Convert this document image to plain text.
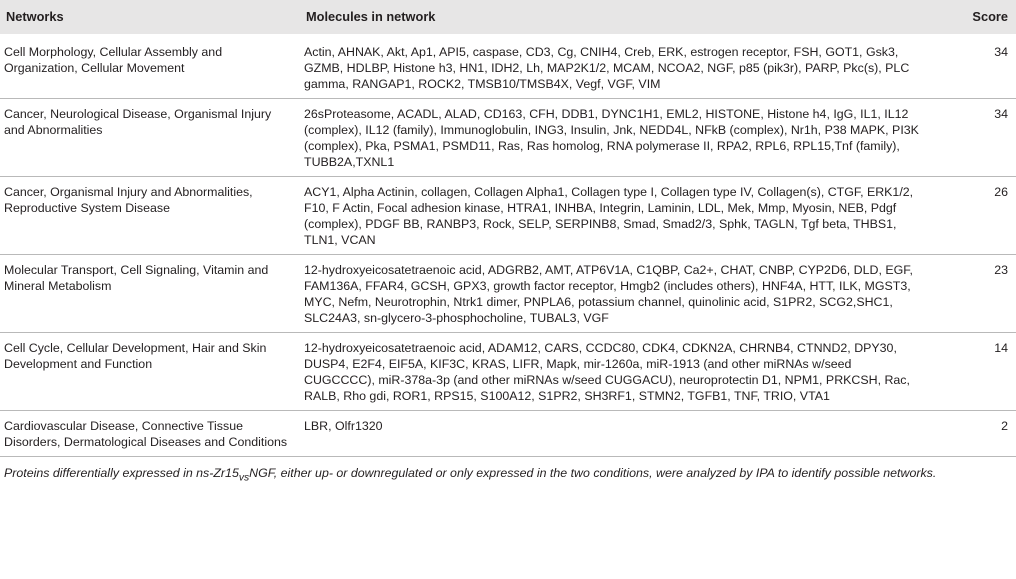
Networks	Molecules in network	Score
Cell Morphology, Cellular Assembly and Organization, Cellular Movement	Actin, AHNAK, Akt, Ap1, API5, caspase, CD3, Cg, CNIH4, Creb, ERK, estrogen receptor, FSH, GOT1, Gsk3, GZMB, HDLBP, Histone h3, HN1, IDH2, Lh, MAP2K1/2, MCAM, NCOA2, NGF, p85 (pik3r), PARP, Pkc(s), PLC gamma, RANGAP1, ROCK2, TMSB10/TMSB4X, Vegf, VGF, VIM	34
Cancer, Neurological Disease, Organismal Injury and Abnormalities	26sProteasome, ACADL, ALAD, CD163, CFH, DDB1, DYNC1H1, EML2, HISTONE, Histone h4, IgG, IL1, IL12 (complex), IL12 (family), Immunoglobulin, ING3, Insulin, Jnk, NEDD4L, NFkB (complex), Nr1h, P38 MAPK, PI3K (complex), Pka, PSMA1, PSMD11, Ras, Ras homolog, RNA polymerase II, RPA2, RPL6, RPL15,Tnf (family), TUBB2A,TXNL1	34
Cancer, Organismal Injury and Abnormalities, Reproductive System Disease	ACY1, Alpha Actinin, collagen, Collagen Alpha1, Collagen type I, Collagen type IV, Collagen(s), CTGF, ERK1/2, F10, F Actin, Focal adhesion kinase, HTRA1, INHBA, Integrin, Laminin, LDL, Mek, Mmp, Myosin, NEB, Pdgf (complex), PDGF BB, RANBP3, Rock, SELP, SERPINB8, Smad, Smad2/3, Sphk, TAGLN, Tgf beta, THBS1, TLN1, VCAN	26
Molecular Transport, Cell Signaling, Vitamin and Mineral Metabolism	12-hydroxyeicosatetraenoic acid, ADGRB2, AMT, ATP6V1A, C1QBP, Ca2+, CHAT, CNBP, CYP2D6, DLD, EGF, FAM136A, FFAR4, GCSH, GPX3, growth factor receptor, Hmgb2 (includes others), HNF4A, HTT, ILK, MGST3, MYC, Nefm, Neurotrophin, Ntrk1 dimer, PNPLA6, potassium channel, quinolinic acid, S1PR2, SCG2,SHC1, SLC24A3, sn-glycero-3-phosphocholine, TUBAL3, VGF	23
Cell Cycle, Cellular Development, Hair and Skin Development and Function	12-hydroxyeicosatetraenoic acid, ADAM12, CARS, CCDC80, CDK4, CDKN2A, CHRNB4, CTNND2, DPY30, DUSP4, E2F4, EIF5A, KIF3C, KRAS, LIFR, Mapk, mir-1260a, miR-1913 (and other miRNAs w/seed CUGCCCC), miR-378a-3p (and other miRNAs w/seed CUGGACU), neuroprotectin D1, NPM1, PRKCSH, Rac, RALB, Rho gdi, ROR1, RPS15, S100A12, S1PR2, SH3RF1, STMN2, TGFB1, TNF, TRIO, VTA1	14
Cardiovascular Disease, Connective Tissue Disorders, Dermatological Diseases and Conditions	LBR, Olfr1320	2
Proteins differentially expressed in $ns-Zr15_{vs}NGF$, either up- or downregulated or only expressed in the two conditions, were analyzed by IPA to identify possible networks.
